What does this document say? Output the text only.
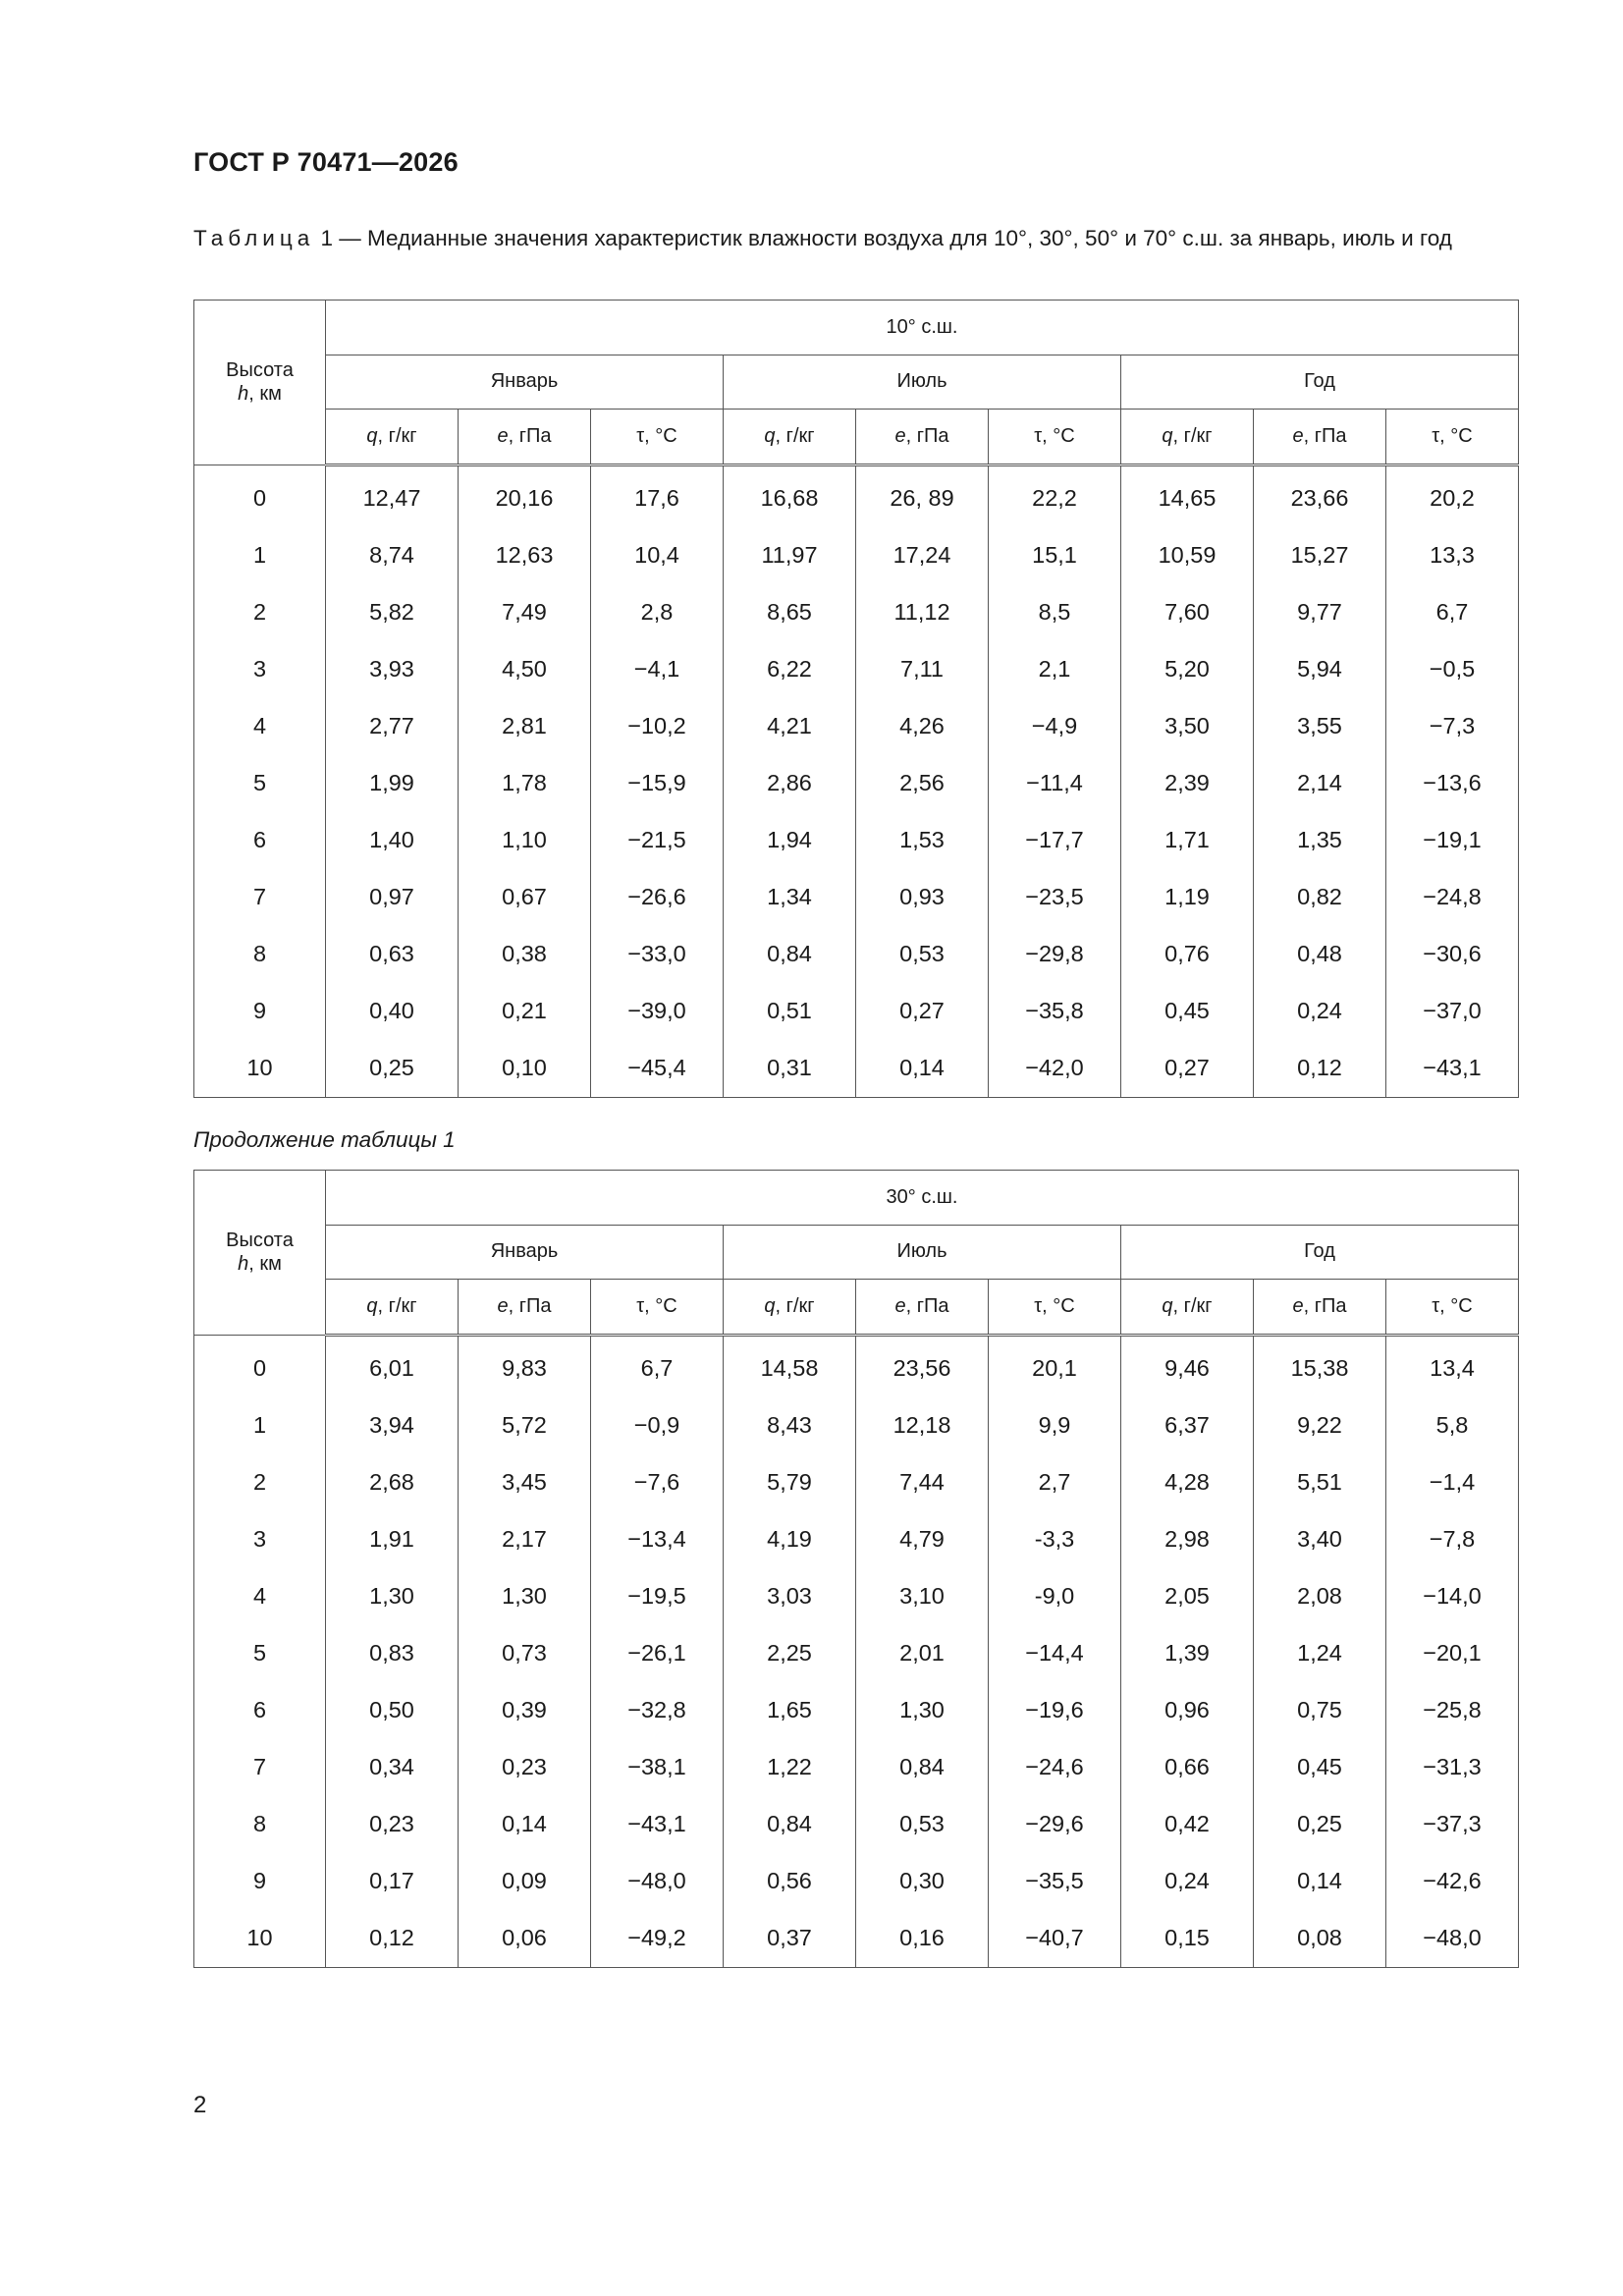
ГОСТ Р 70471—2026
Таблица 1 — Медианные значения характеристик влажности воздуха для 10°, 30°, 50° и 70° с.ш. за январь, июль и год
Высота
h, км	10° с.ш.								
	Январь			Июль			Год		
	q, г/кг	e, гПа	τ, °С	q, г/кг	e, гПа	τ, °С	q, г/кг	e, гПа	τ, °С
0	12,47	20,16	17,6	16,68	26, 89	22,2	14,65	23,66	20,2
1	8,74	12,63	10,4	11,97	17,24	15,1	10,59	15,27	13,3
2	5,82	7,49	2,8	8,65	11,12	8,5	7,60	9,77	6,7
3	3,93	4,50	−4,1	6,22	7,11	2,1	5,20	5,94	−0,5
4	2,77	2,81	−10,2	4,21	4,26	−4,9	3,50	3,55	−7,3
5	1,99	1,78	−15,9	2,86	2,56	−11,4	2,39	2,14	−13,6
6	1,40	1,10	−21,5	1,94	1,53	−17,7	1,71	1,35	−19,1
7	0,97	0,67	−26,6	1,34	0,93	−23,5	1,19	0,82	−24,8
8	0,63	0,38	−33,0	0,84	0,53	−29,8	0,76	0,48	−30,6
9	0,40	0,21	−39,0	0,51	0,27	−35,8	0,45	0,24	−37,0
10	0,25	0,10	−45,4	0,31	0,14	−42,0	0,27	0,12	−43,1
Продолжение таблицы 1
Высота
h, км	30° с.ш.								
	Январь			Июль			Год		
	q, г/кг	e, гПа	τ, °С	q, г/кг	e, гПа	τ, °С	q, г/кг	e, гПа	τ, °С
0	6,01	9,83	6,7	14,58	23,56	20,1	9,46	15,38	13,4
1	3,94	5,72	−0,9	8,43	12,18	9,9	6,37	9,22	5,8
2	2,68	3,45	−7,6	5,79	7,44	2,7	4,28	5,51	−1,4
3	1,91	2,17	−13,4	4,19	4,79	-3,3	2,98	3,40	−7,8
4	1,30	1,30	−19,5	3,03	3,10	-9,0	2,05	2,08	−14,0
5	0,83	0,73	−26,1	2,25	2,01	−14,4	1,39	1,24	−20,1
6	0,50	0,39	−32,8	1,65	1,30	−19,6	0,96	0,75	−25,8
7	0,34	0,23	−38,1	1,22	0,84	−24,6	0,66	0,45	−31,3
8	0,23	0,14	−43,1	0,84	0,53	−29,6	0,42	0,25	−37,3
9	0,17	0,09	−48,0	0,56	0,30	−35,5	0,24	0,14	−42,6
10	0,12	0,06	−49,2	0,37	0,16	−40,7	0,15	0,08	−48,0
2
